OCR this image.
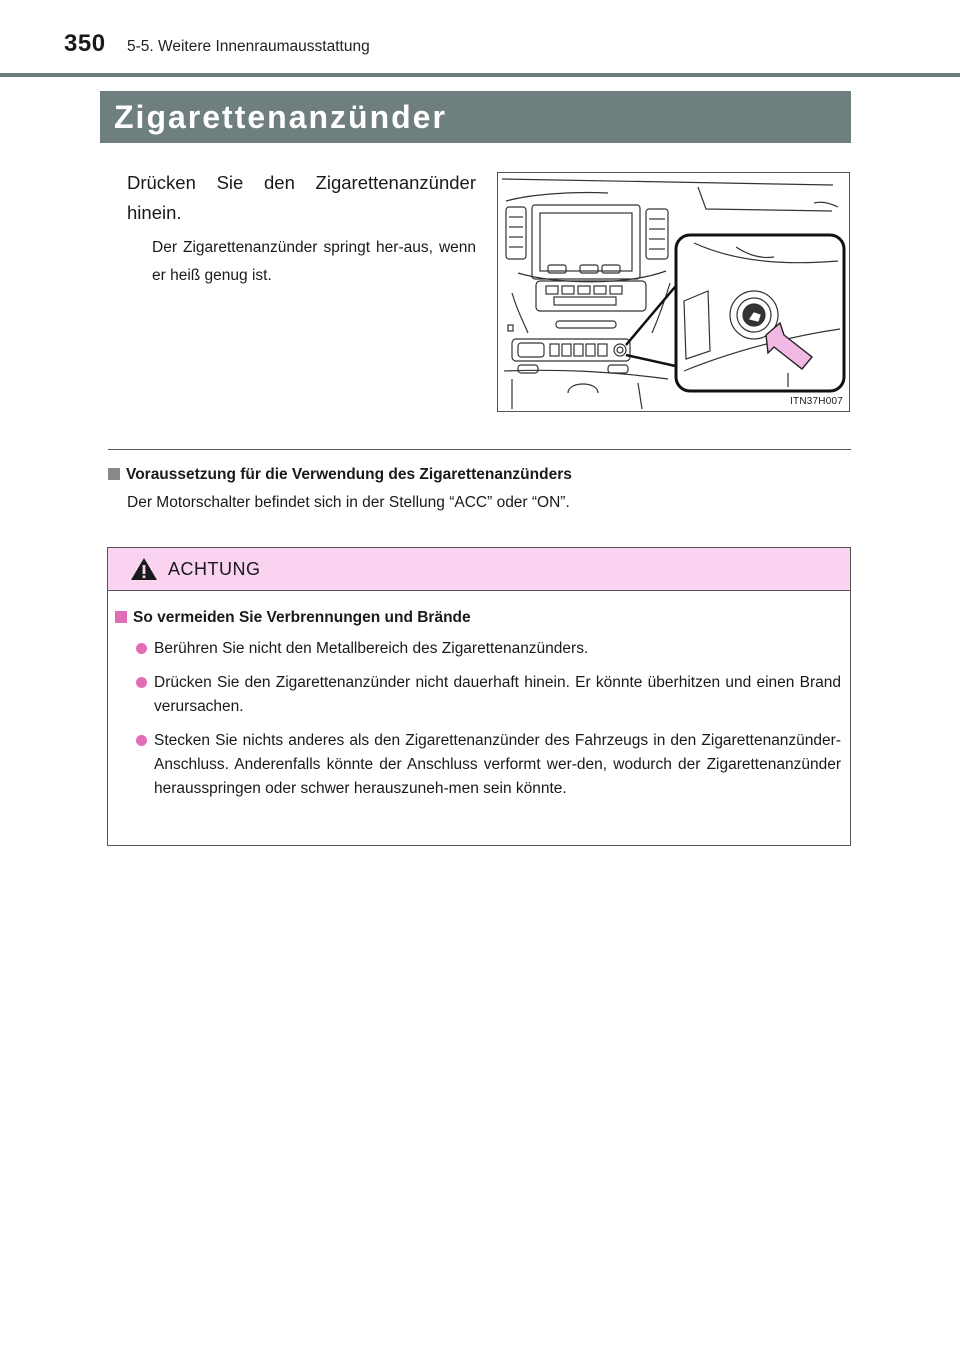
350 5-5. Weitere Innenraumausstattung
Zigarettenanzünder
Drücken Sie den Zigarettenanzünder hinein.
Der Zigarettenanzünder springt her-aus, wenn er heiß genug ist.
ITN37H007
Voraussetzung für die Verwendung des Zigarettenanzünders
Der Motorschalter befindet sich in der Stellung “ACC” oder “ON”.
ACHTUNG
So vermeiden Sie Verbrennungen und Brände
Berühren Sie nicht den Metallbereich des Zigarettenanzünders.
Drücken Sie den Zigarettenanzünder nicht dauerhaft hinein. Er könnte überhitzen und einen Brand verursachen.
Stecken Sie nichts anderes als den Zigarettenanzünder des Fahrzeugs in den Zigarettenanzünder-Anschluss. Anderenfalls könnte der Anschluss verformt wer-den, wodurch der Zigarettenanzünder herausspringen oder schwer herauszuneh-men sein könnte.
